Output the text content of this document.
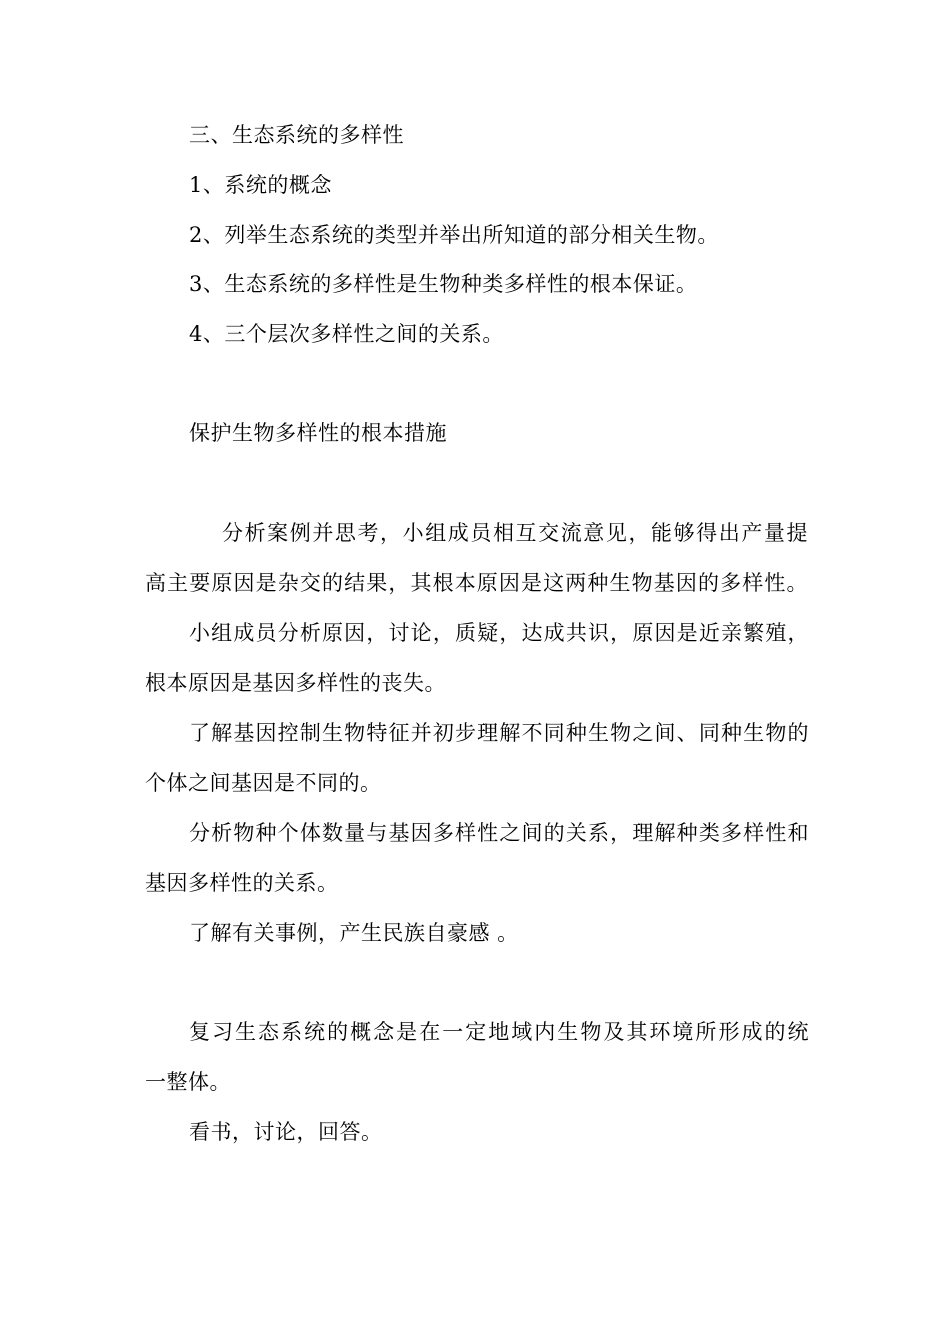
三、生态系统的多样性
1、系统的概念
2、列举生态系统的类型并举出所知道的部分相关生物。
3、生态系统的多样性是生物种类多样性的根本保证。
4、三个层次多样性之间的关系。
保护生物多样性的根本措施
分析案例并思考，小组成员相互交流意见，能够得出产量提
高主要原因是杂交的结果，其根本原因是这两种生物基因的多样性。
小组成员分析原因，讨论，质疑，达成共识，原因是近亲繁殖，
根本原因是基因多样性的丧失。
了解基因控制生物特征并初步理解不同种生物之间、同种生物的
个体之间基因是不同的。
分析物种个体数量与基因多样性之间的关系，理解种类多样性和
基因多样性的关系。
了解有关事例，产生民族自豪感 。
复习生态系统的概念是在一定地域内生物及其环境所形成的统
一整体。
看书，讨论，回答。
